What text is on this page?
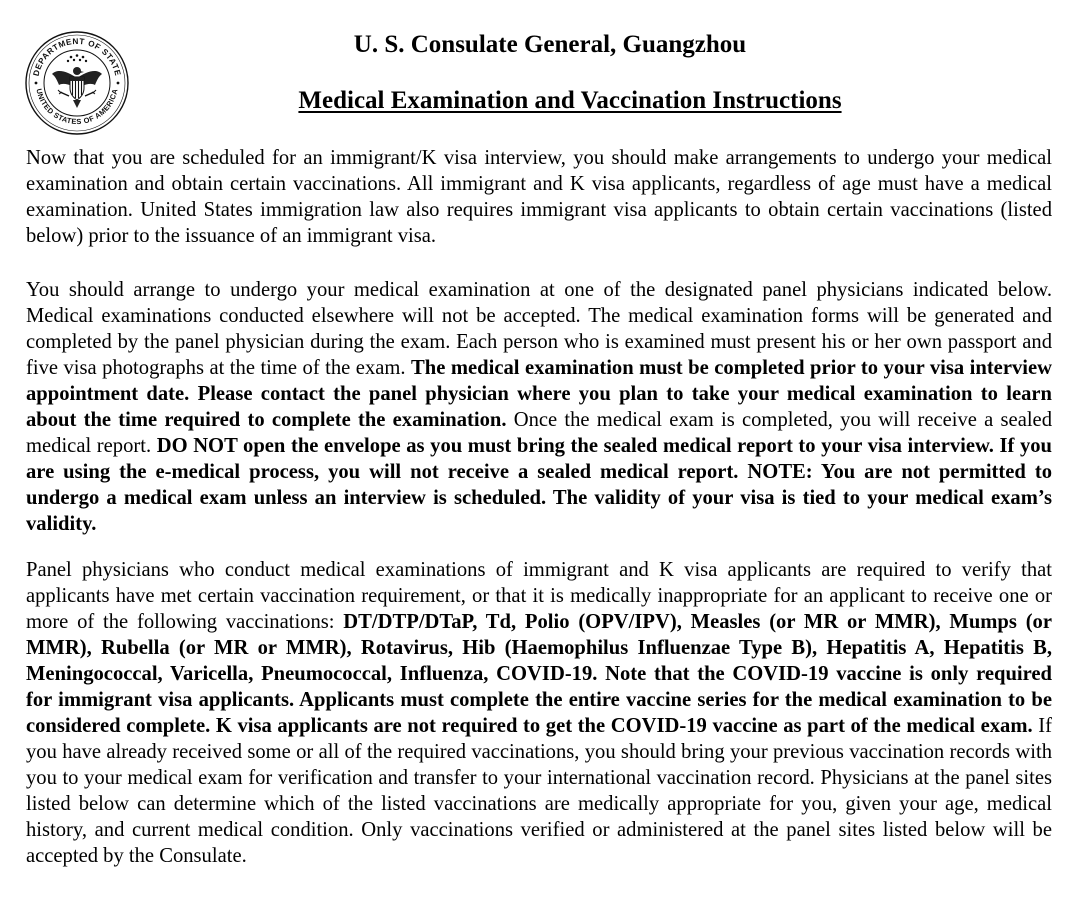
DEPARTMENT OF STATE
UNITED STATES OF AMERICA
U. S. Consulate General, Guangzhou
Medical Examination and Vaccination Instructions

Now that you are scheduled for an immigrant/K visa interview, you should make arrangements to undergo your medical examination and obtain certain vaccinations. All immigrant and K visa applicants, regardless of age must have a medical examination. United States immigration law also requires immigrant visa applicants to obtain certain vaccinations (listed below) prior to the issuance of an immigrant visa.

You should arrange to undergo your medical examination at one of the designated panel physicians indicated below. Medical examinations conducted elsewhere will not be accepted. The medical examination forms will be generated and completed by the panel physician during the exam. Each person who is examined must present his or her own passport and five visa photographs at the time of the exam. The medical examination must be completed prior to your visa interview appointment date. Please contact the panel physician where you plan to take your medical examination to learn about the time required to complete the examination. Once the medical exam is completed, you will receive a sealed medical report. DO NOT open the envelope as you must bring the sealed medical report to your visa interview. If you are using the e-medical process, you will not receive a sealed medical report. NOTE: You are not permitted to undergo a medical exam unless an interview is scheduled. The validity of your visa is tied to your medical exam’s validity.

Panel physicians who conduct medical examinations of immigrant and K visa applicants are required to verify that applicants have met certain vaccination requirement, or that it is medically inappropriate for an applicant to receive one or more of the following vaccinations: DT/DTP/DTaP, Td, Polio (OPV/IPV), Measles (or MR or MMR), Mumps (or MMR), Rubella (or MR or MMR), Rotavirus, Hib (Haemophilus Influenzae Type B), Hepatitis A, Hepatitis B, Meningococcal, Varicella, Pneumococcal, Influenza, COVID-19. Note that the COVID-19 vaccine is only required for immigrant visa applicants. Applicants must complete the entire vaccine series for the medical examination to be considered complete. K visa applicants are not required to get the COVID-19 vaccine as part of the medical exam. If you have already received some or all of the required vaccinations, you should bring your previous vaccination records with you to your medical exam for verification and transfer to your international vaccination record. Physicians at the panel sites listed below can determine which of the listed vaccinations are medically appropriate for you, given your age, medical history, and current medical condition. Only vaccinations verified or administered at the panel sites listed below will be accepted by the Consulate.
